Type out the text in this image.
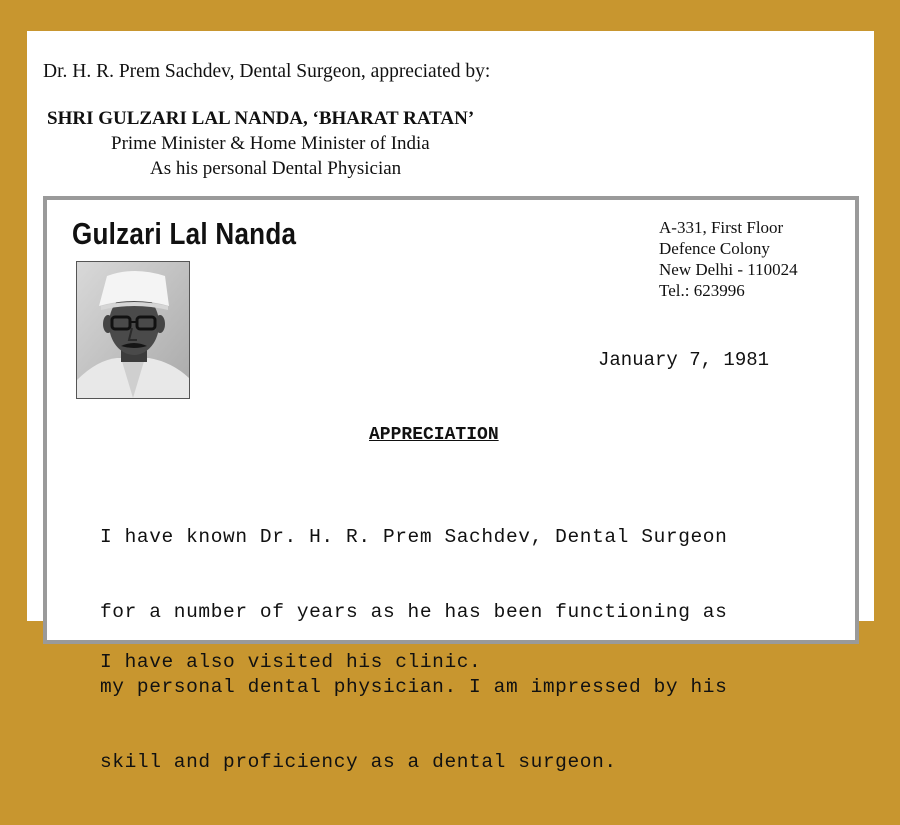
Dr. H. R. Prem Sachdev, Dental Surgeon, appreciated by:
SHRI GULZARI LAL NANDA, ‘BHARAT RATAN’
Prime Minister & Home Minister of India
As his personal Dental Physician
Gulzari Lal Nanda	A-331, First Floor
Defence Colony
New Delhi - 110024
Tel.: 623996
January 7, 1981
APPRECIATION

I have known Dr. H. R. Prem Sachdev, Dental Surgeon

for a number of years as he has been functioning as

my personal dental physician. I am impressed by his

skill and proficiency as a dental surgeon.

I have also visited his clinic.
